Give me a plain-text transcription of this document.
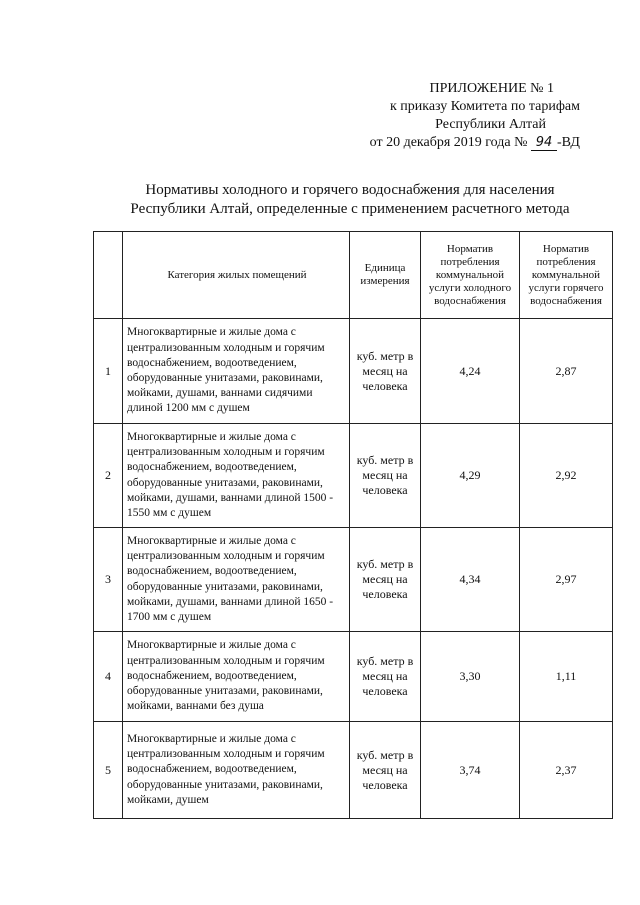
ПРИЛОЖЕНИЕ № 1
к приказу Комитета по тарифам
Республики Алтай
от 20 декабря 2019 года № 94 -ВД
Нормативы холодного и горячего водоснабжения для населения
Республики Алтай, определенные с применением расчетного метода
	Категория жилых помещений	Единица измерения	Норматив потребления коммунальной услуги холодного водоснабжения	Норматив потребления коммунальной услуги горячего водоснабжения
1	Многоквартирные и жилые дома с централизованным холодным и горячим водоснабжением, водоотведением, оборудованные унитазами, раковинами, мойками, душами, ваннами сидячими длиной 1200 мм с душем	куб. метр в месяц на человека	4,24	2,87
2	Многоквартирные и жилые дома с централизованным холодным и горячим водоснабжением, водоотведением, оборудованные унитазами, раковинами, мойками, душами, ваннами длиной 1500 - 1550 мм с душем	куб. метр в месяц на человека	4,29	2,92
3	Многоквартирные и жилые дома с централизованным холодным и горячим водоснабжением, водоотведением, оборудованные унитазами, раковинами, мойками, душами, ваннами длиной 1650 - 1700 мм с душем	куб. метр в месяц на человека	4,34	2,97
4	Многоквартирные и жилые дома с централизованным холодным и горячим водоснабжением, водоотведением, оборудованные унитазами, раковинами, мойками, ваннами без душа	куб. метр в месяц на человека	3,30	1,11
5	Многоквартирные и жилые дома с централизованным холодным и горячим водоснабжением, водоотведением, оборудованные унитазами, раковинами, мойками, душем	куб. метр в месяц на человека	3,74	2,37
